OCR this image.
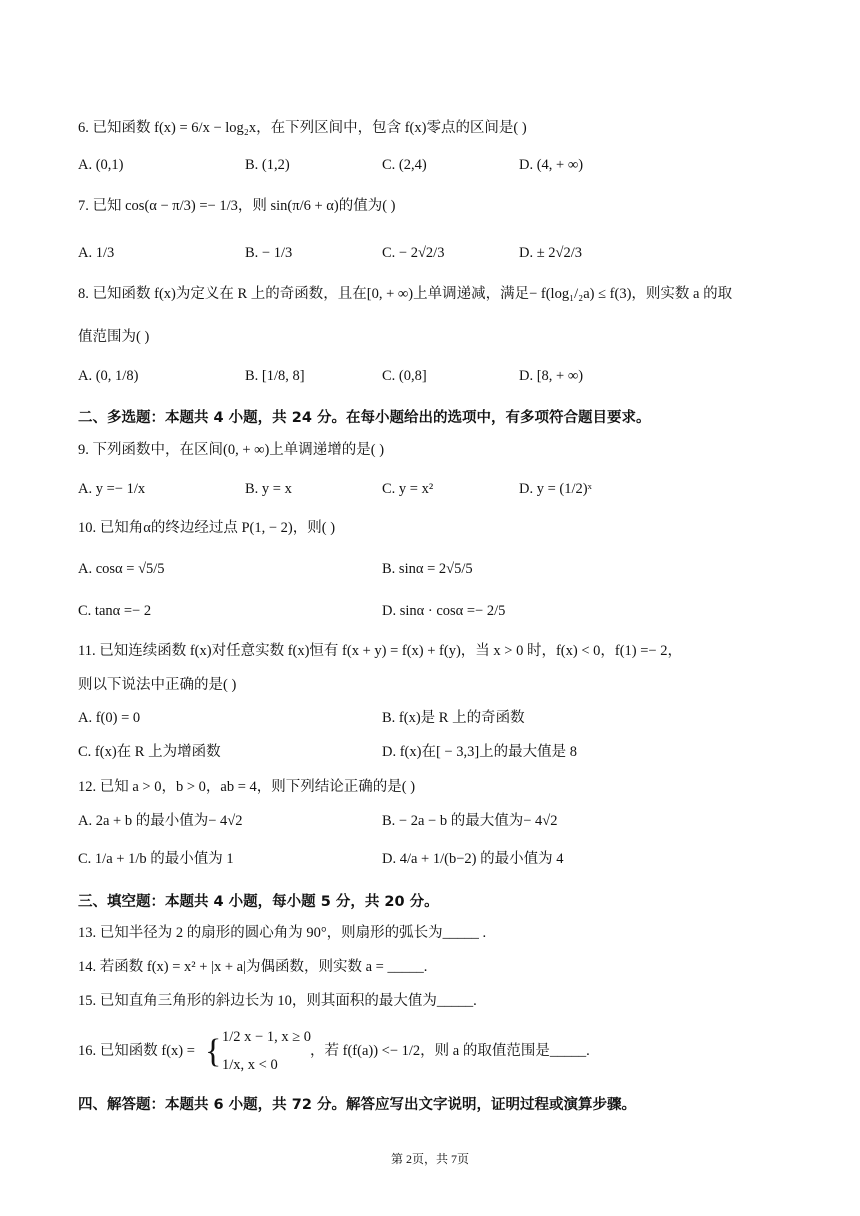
6. 已知函数 f(x) = 6/x − log₂x，在下列区间中，包含 f(x)零点的区间是( )
A. (0,1)	B. (1,2)	C. (2,4)	D. (4, + ∞)
7. 已知 cos(α − π/3) =− 1/3，则 sin(π/6 + α)的值为( )
A. 1/3	B. − 1/3	C. − 2√2/3	D. ± 2√2/3
8. 已知函数 f(x)为定义在 R 上的奇函数，且在[0, + ∞)上单调递减，满足− f(log₁/₂a) ≤ f(3)，则实数 a 的取
值范围为( )
A. (0, 1/8)	B. [1/8, 8]	C. (0,8]	D. [8, + ∞)
二、多选题：本题共 4 小题，共 24 分。在每小题给出的选项中，有多项符合题目要求。
9. 下列函数中，在区间(0, + ∞)上单调递增的是( )
A. y =− 1/x	B. y = x	C. y = x²	D. y = (1/2)ˣ
10. 已知角α的终边经过点 P(1, − 2)，则( )
A. cosα = √5/5	B. sinα = 2√5/5
C. tanα =− 2	D. sinα · cosα =− 2/5
11. 已知连续函数 f(x)对任意实数 f(x)恒有 f(x + y) = f(x) + f(y)，当 x > 0 时，f(x) < 0，f(1) =− 2，
则以下说法中正确的是( )
A. f(0) = 0	B. f(x)是 R 上的奇函数
C. f(x)在 R 上为增函数	D. f(x)在[ − 3,3]上的最大值是 8
12. 已知 a > 0，b > 0，ab = 4，则下列结论正确的是( )
A. 2a + b 的最小值为− 4√2	B. − 2a − b 的最大值为− 4√2
C. 1/a + 1/b 的最小值为 1	D. 4/a + 1/(b−2) 的最小值为 4
三、填空题：本题共 4 小题，每小题 5 分，共 20 分。
13. 已知半径为 2 的扇形的圆心角为 90°，则扇形的弧长为_____ .
14. 若函数 f(x) = x² + |x + a|为偶函数，则实数 a = _____.
15. 已知直角三角形的斜边长为 10，则其面积的最大值为_____.
16. 已知函数 f(x) = { 1/2 x − 1, x ≥ 0
1/x, x < 0
，若 f(f(a)) <− 1/2，则 a 的取值范围是_____.
四、解答题：本题共 6 小题，共 72 分。解答应写出文字说明，证明过程或演算步骤。
第 2页，共 7页
